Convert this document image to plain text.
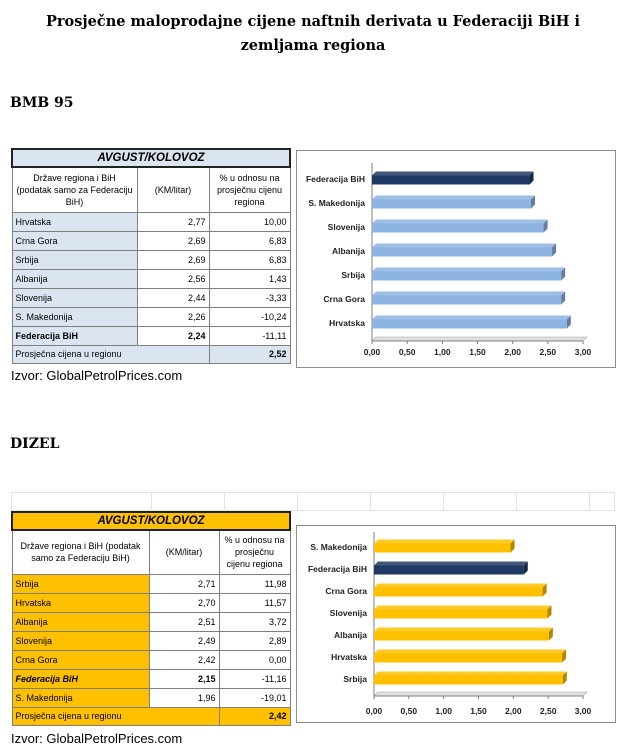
Prosječne maloprodajne cijene naftnih derivata u Federaciji BiH i
zemljama regiona
BMB 95
AVGUST/KOLOVOZ		
Države regiona i BiH (podatak samo za Federaciju BiH)	(KM/litar)	% u odnosu na prosječnu cijenu regiona
Hrvatska	2,77	10,00
Crna Gora	2,69	6,83
Srbija	2,69	6,83
Albanija	2,56	1,43
Slovenija	2,44	-3,33
S. Makedonija	2,26	-10,24
Federacija BiH	2,24	-11,11
Prosječna cijena u regionu		2,52
Izvor: GlobalPetrolPrices.com
0,00 0,50 1,00 1,50 2,00 2,50 3,00
Federacija BiH
S. Makedonija
Slovenija
Albanija
Srbija
Crna Gora
Hrvatska
DIZEL

AVGUST/KOLOVOZ		
Države regiona i BiH (podatak samo za Federaciju BiH)	(KM/litar)	% u odnosu na prosječnu cijenu regiona
Srbija	2,71	11,98
Hrvatska	2,70	11,57
Albanija	2,51	3,72
Slovenija	2,49	2,89
Crna Gora	2,42	0,00
Federacija BiH	2,15	-11,16
S. Makedonija	1,96	-19,01
Prosječna cijena u regionu		2,42
Izvor: GlobalPetrolPrices.com
0,00 0,50 1,00 1,50 2,00 2,50 3,00
S. Makedonija
Federacija BiH
Crna Gora
Slovenija
Albanija
Hrvatska
Srbija
